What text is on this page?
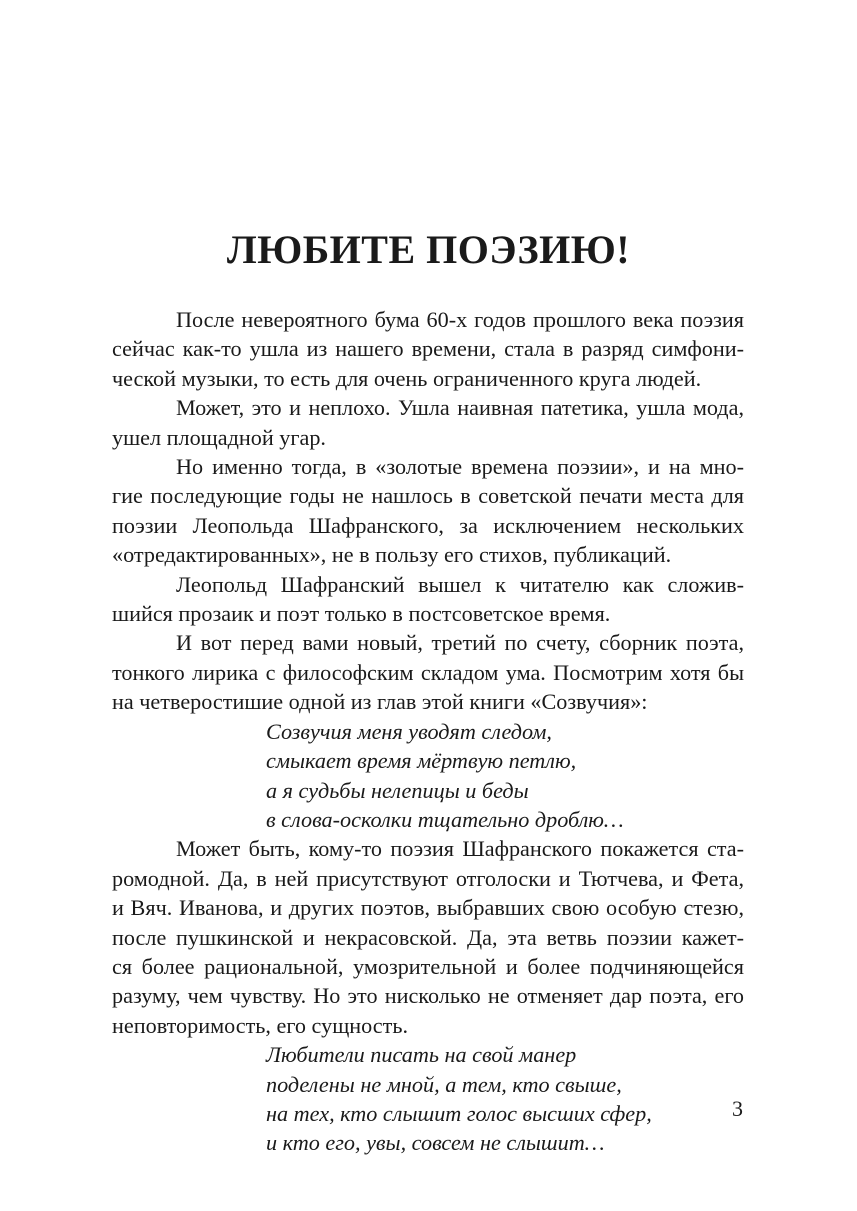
ЛЮБИТЕ ПОЭЗИЮ!

После невероятного бума 60-х годов прошлого века поэзия
сейчас как-то ушла из нашего времени, стала в разряд симфони-
ческой музыки, то есть для очень ограниченного круга людей.

Может, это и неплохо. Ушла наивная патетика, ушла мода,
ушел площадной угар.

Но именно тогда, в «золотые времена поэзии», и на мно-
гие последующие годы не нашлось в советской печати места для
поэзии Леопольда Шафранского, за исключением нескольких
«отредактированных», не в пользу его стихов, публикаций.

Леопольд Шафранский вышел к читателю как сложив-
шийся прозаик и поэт только в постсоветское время.

И вот перед вами новый, третий по счету, сборник поэта,
тонкого лирика с философским складом ума. Посмотрим хотя бы
на четверостишие одной из глав этой книги «Созвучия»:

Созвучия меня уводят следом,
смыкает время мёртвую петлю,
а я судьбы нелепицы и беды
в слова-осколки тщательно дроблю…

Может быть, кому-то поэзия Шафранского покажется ста-
ромодной. Да, в ней присутствуют отголоски и Тютчева, и Фета,
и Вяч. Иванова, и других поэтов, выбравших свою особую стезю,
после пушкинской и некрасовской. Да, эта ветвь поэзии кажет-
ся более рациональной, умозрительной и более подчиняющейся
разуму, чем чувству. Но это нисколько не отменяет дар поэта, его
неповторимость, его сущность.

Любители писать на свой манер
поделены не мной, а тем, кто свыше,
на тех, кто слышит голос высших сфер,
и кто его, увы, совсем не слышит…
3
